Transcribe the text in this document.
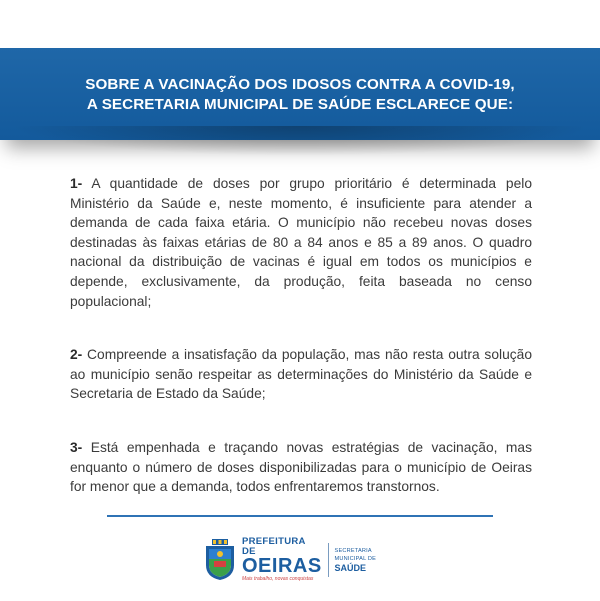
SOBRE A VACINAÇÃO DOS IDOSOS CONTRA A COVID-19,
A SECRETARIA MUNICIPAL DE SAÚDE ESCLARECE QUE:

1- A quantidade de doses por grupo prioritário é determinada pelo Ministério da Saúde e, neste momento, é insuficiente para atender a demanda de cada faixa etária. O município não recebeu novas doses destinadas às faixas etárias de 80 a 84 anos e 85 a 89 anos. O quadro nacional da distribuição de vacinas é igual em todos os municípios e depende, exclusivamente, da produção, feita baseada no censo populacional;

2- Compreende a insatisfação da população, mas não resta outra solução ao município senão respeitar as determinações do Ministério da Saúde e Secretaria de Estado da Saúde;

3- Está empenhada e traçando novas estratégias de vacinação, mas enquanto o número de doses disponibilizadas para o município de Oeiras for menor que a demanda, todos enfrentaremos transtornos.

PREFEITURA DE
OEIRAS
Mais trabalho, novas conquistas
SECRETARIA MUNICIPAL DE
SAÚDE
